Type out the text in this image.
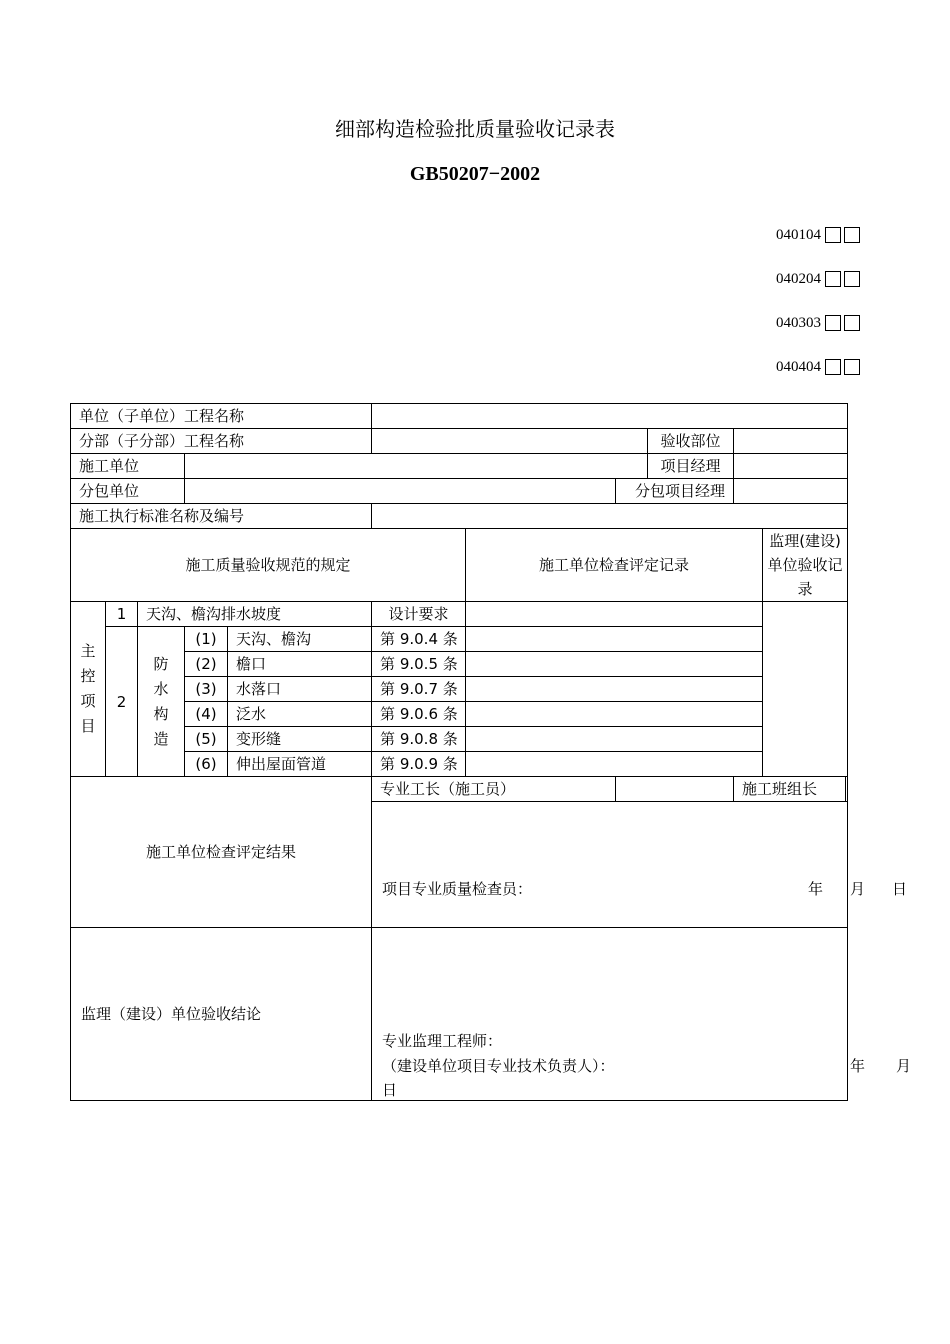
细部构造检验批质量验收记录表
GB50207−2002
040104
040204
040303
040404
单位（子单位）工程名称										
分部（子分部）工程名称								验收部位		
施工单位								项目经理		
分包单位							分包项目经理			
施工执行标准名称及编号										
施工质量验收规范的规定						施工单位检查评定记录				监理(建设)单位验收记录

主控项目	1	天沟、檐沟排水坡度			设计要求					
	2	防水构造	(1)	天沟、檐沟	第 9.0.4 条					
			(2)	檐口	第 9.0.5 条					
			(3)	水落口	第 9.0.7 条					
			(4)	泛水	第 9.0.6 条					
			(5)	变形缝	第 9.0.8 条					
			(6)	伸出屋面管道	第 9.0.9 条					
施工单位检查评定结果					专业工长（施工员）				施工班组长	

					项目专业质量检查员： 年 月 日					

监理（建设）单位验收结论					专业监理工程师：
（建设单位项目专业技术负责人）： 年 月
日					
